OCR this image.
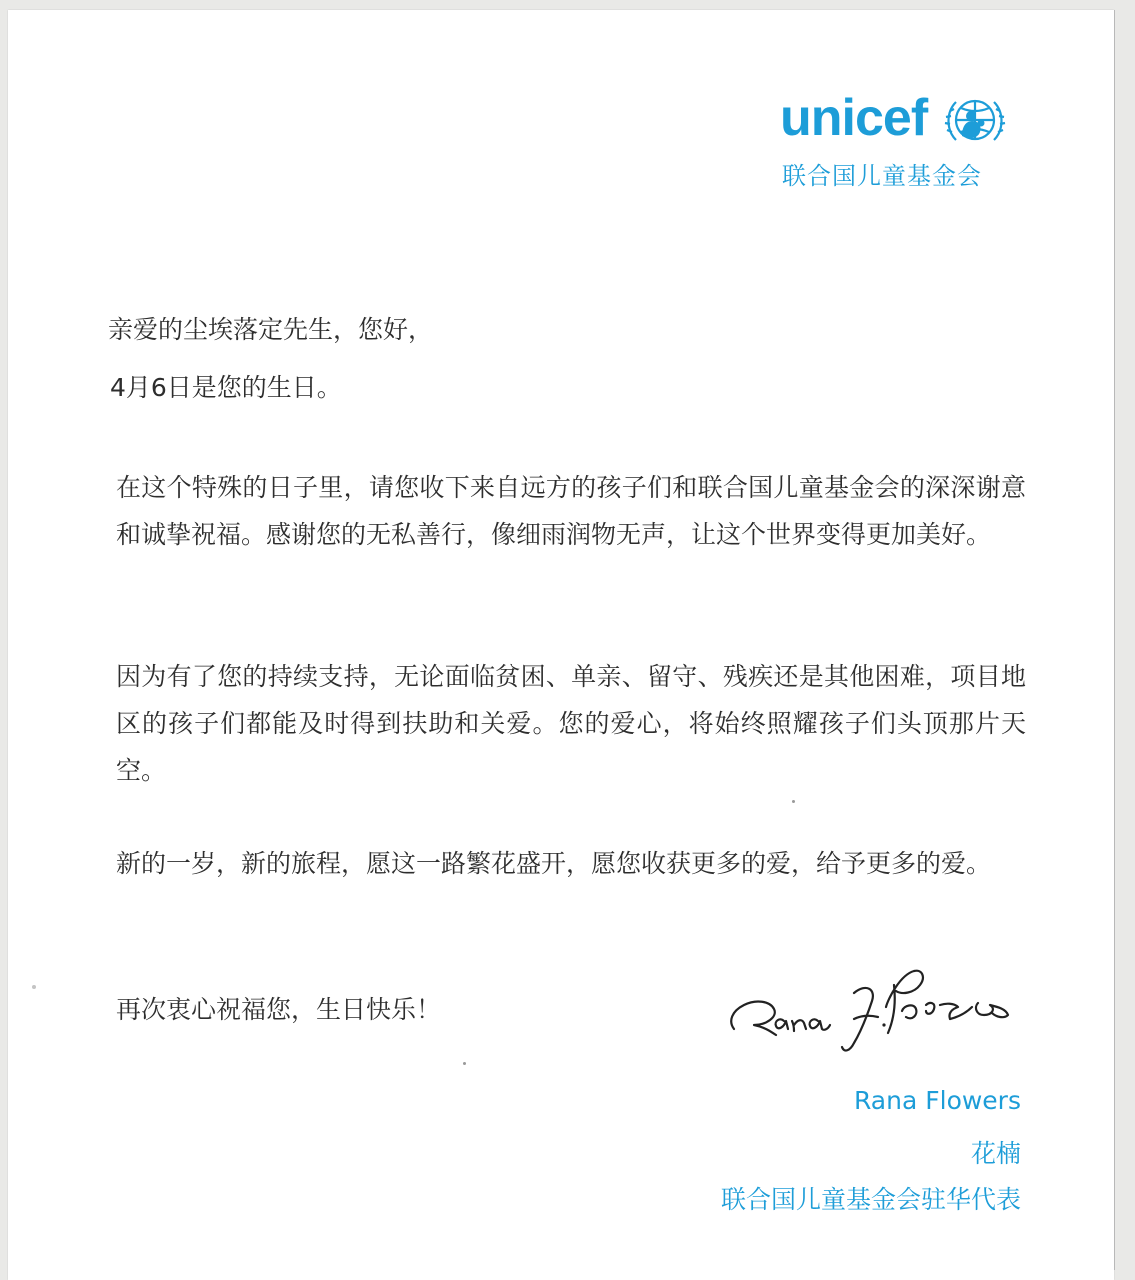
unicef
联合国儿童基金会
亲爱的尘埃落定先生，您好，
4月6日是您的生日。
在这个特殊的日子里，请您收下来自远方的孩子们和联合国儿童基金会的深深谢意和诚挚祝福。感谢您的无私善行，像细雨润物无声，让这个世界变得更加美好。
因为有了您的持续支持，无论面临贫困、单亲、留守、残疾还是其他困难，项目地区的孩子们都能及时得到扶助和关爱。您的爱心，将始终照耀孩子们头顶那片天空。
新的一岁，新的旅程，愿这一路繁花盛开，愿您收获更多的爱，给予更多的爱。
再次衷心祝福您，生日快乐！
Rana Flowers
花楠
联合国儿童基金会驻华代表
